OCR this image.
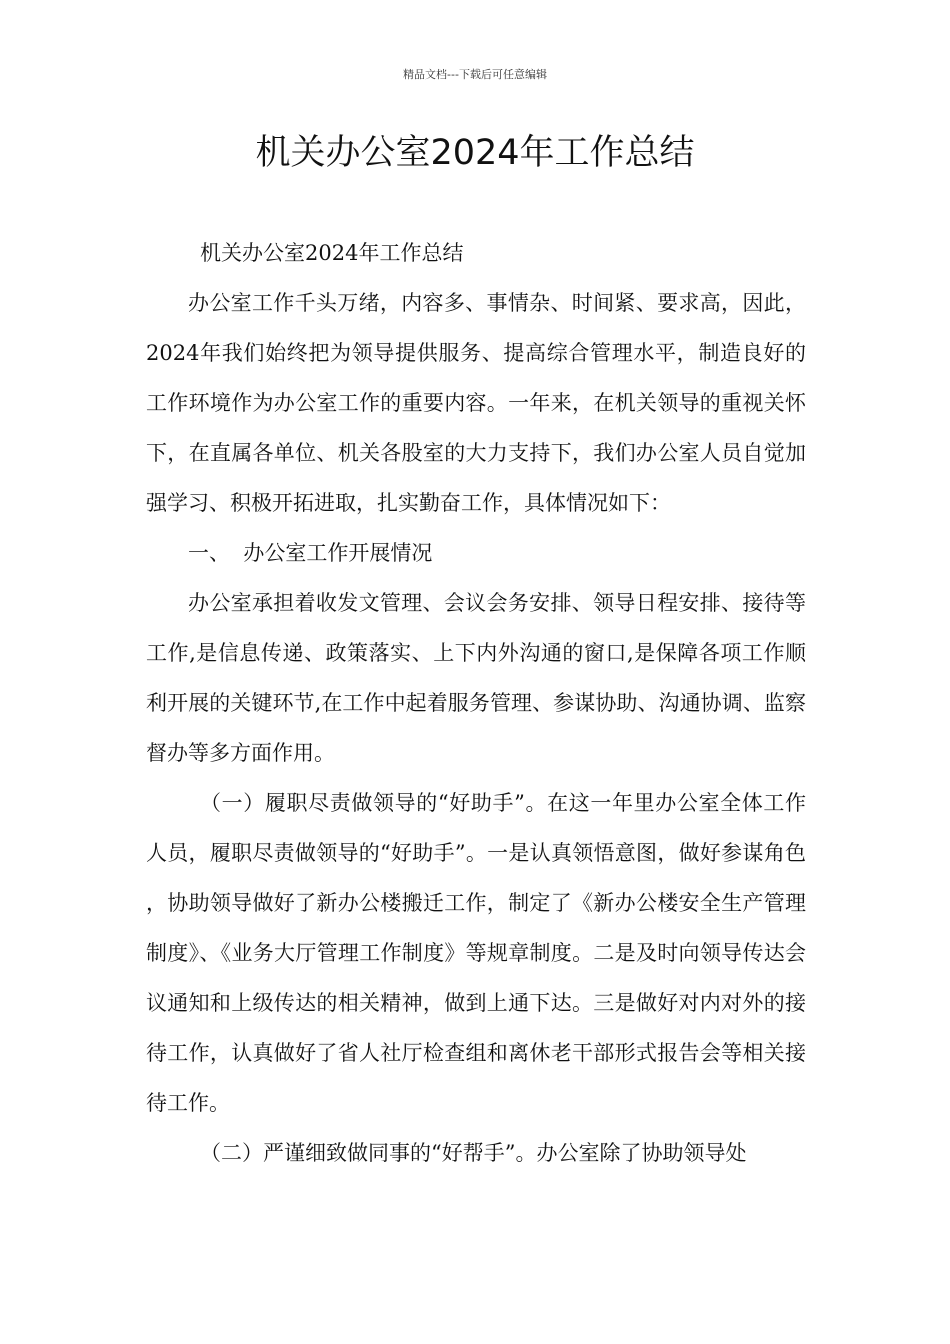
精品文档---下载后可任意编辑
机关办公室2024年工作总结

机关办公室2024年工作总结

办公室工作千头万绪，内容多、事情杂、时间紧、要求高，因此，2024年我们始终把为领导提供服务、提高综合管理水平，制造良好的工作环境作为办公室工作的重要内容。一年来，在机关领导的重视关怀下，在直属各单位、机关各股室的大力支持下，我们办公室人员自觉加强学习、积极开拓进取，扎实勤奋工作，具体情况如下：

一、  办公室工作开展情况

办公室承担着收发文管理、会议会务安排、领导日程安排、接待等工作,是信息传递、政策落实、上下内外沟通的窗口,是保障各项工作顺利开展的关键环节,在工作中起着服务管理、参谋协助、沟通协调、监察督办等多方面作用。

（一）履职尽责做领导的“好助手”。在这一年里办公室全体工作人员，履职尽责做领导的“好助手”。一是认真领悟意图，做好参谋角色，协助领导做好了新办公楼搬迁工作，制定了《新办公楼安全生产管理制度》、《业务大厅管理工作制度》等规章制度。二是及时向领导传达会议通知和上级传达的相关精神，做到上通下达。三是做好对内对外的接待工作，认真做好了省人社厅检查组和离休老干部形式报告会等相关接待工作。

（二）严谨细致做同事的“好帮手”。办公室除了协助领导处
